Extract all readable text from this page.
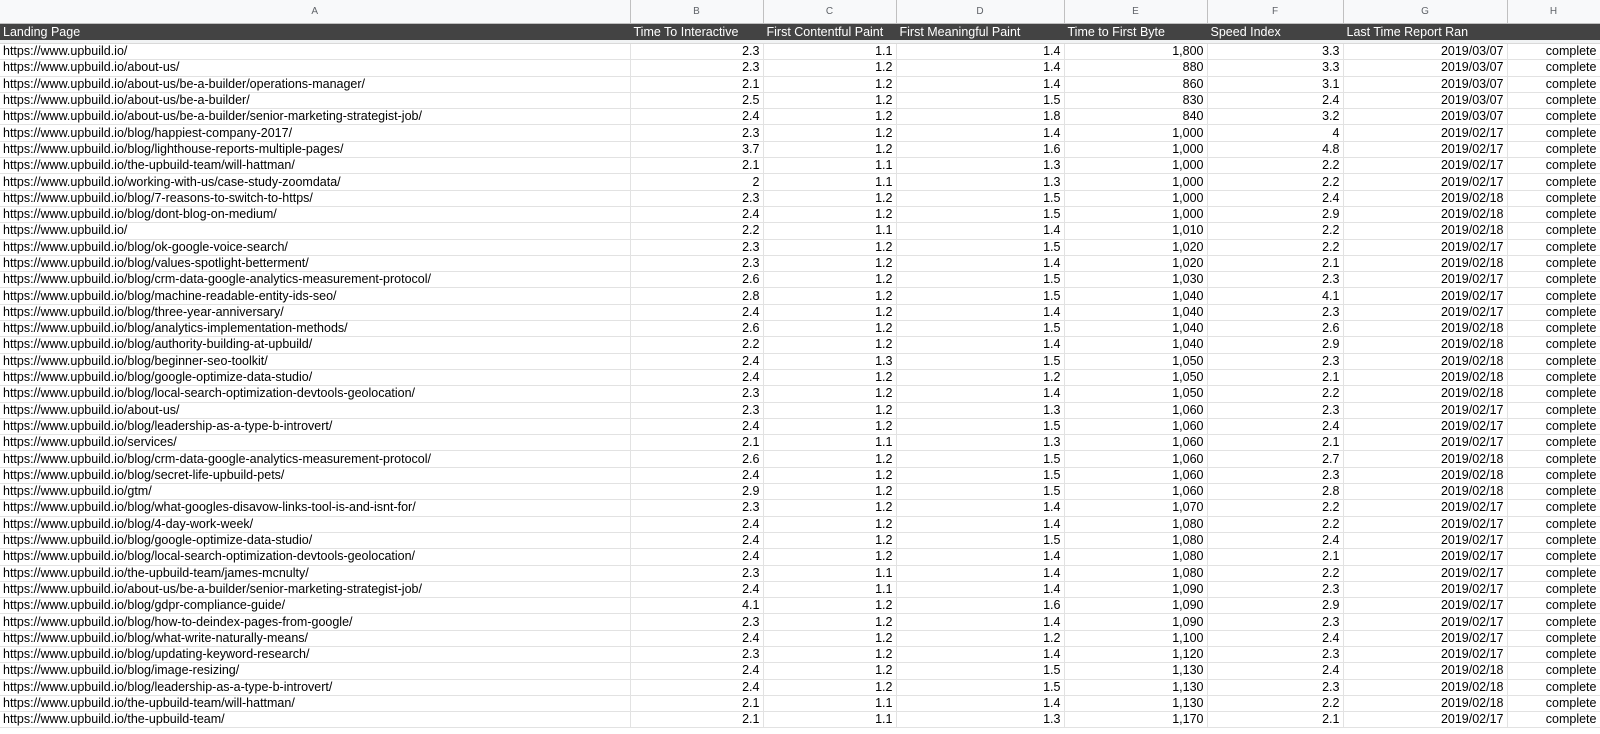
A	B	C	D	E	F	G	H
Landing Page	Time To Interactive	First Contentful Paint	First Meaningful Paint	Time to First Byte	Speed Index	Last Time Report Ran	

https://www.upbuild.io/	2.3	1.1	1.4	1,800	3.3	2019/03/07	complete
https://www.upbuild.io/about-us/	2.3	1.2	1.4	880	3.3	2019/03/07	complete
https://www.upbuild.io/about-us/be-a-builder/operations-manager/	2.1	1.2	1.4	860	3.1	2019/03/07	complete
https://www.upbuild.io/about-us/be-a-builder/	2.5	1.2	1.5	830	2.4	2019/03/07	complete
https://www.upbuild.io/about-us/be-a-builder/senior-marketing-strategist-job/	2.4	1.2	1.8	840	3.2	2019/03/07	complete
https://www.upbuild.io/blog/happiest-company-2017/	2.3	1.2	1.4	1,000	4	2019/02/17	complete
https://www.upbuild.io/blog/lighthouse-reports-multiple-pages/	3.7	1.2	1.6	1,000	4.8	2019/02/17	complete
https://www.upbuild.io/the-upbuild-team/will-hattman/	2.1	1.1	1.3	1,000	2.2	2019/02/17	complete
https://www.upbuild.io/working-with-us/case-study-zoomdata/	2	1.1	1.3	1,000	2.2	2019/02/17	complete
https://www.upbuild.io/blog/7-reasons-to-switch-to-https/	2.3	1.2	1.5	1,000	2.4	2019/02/18	complete
https://www.upbuild.io/blog/dont-blog-on-medium/	2.4	1.2	1.5	1,000	2.9	2019/02/18	complete
https://www.upbuild.io/	2.2	1.1	1.4	1,010	2.2	2019/02/18	complete
https://www.upbuild.io/blog/ok-google-voice-search/	2.3	1.2	1.5	1,020	2.2	2019/02/17	complete
https://www.upbuild.io/blog/values-spotlight-betterment/	2.3	1.2	1.4	1,020	2.1	2019/02/18	complete
https://www.upbuild.io/blog/crm-data-google-analytics-measurement-protocol/	2.6	1.2	1.5	1,030	2.3	2019/02/17	complete
https://www.upbuild.io/blog/machine-readable-entity-ids-seo/	2.8	1.2	1.5	1,040	4.1	2019/02/17	complete
https://www.upbuild.io/blog/three-year-anniversary/	2.4	1.2	1.4	1,040	2.3	2019/02/17	complete
https://www.upbuild.io/blog/analytics-implementation-methods/	2.6	1.2	1.5	1,040	2.6	2019/02/18	complete
https://www.upbuild.io/blog/authority-building-at-upbuild/	2.2	1.2	1.4	1,040	2.9	2019/02/18	complete
https://www.upbuild.io/blog/beginner-seo-toolkit/	2.4	1.3	1.5	1,050	2.3	2019/02/18	complete
https://www.upbuild.io/blog/google-optimize-data-studio/	2.4	1.2	1.2	1,050	2.1	2019/02/18	complete
https://www.upbuild.io/blog/local-search-optimization-devtools-geolocation/	2.3	1.2	1.4	1,050	2.2	2019/02/18	complete
https://www.upbuild.io/about-us/	2.3	1.2	1.3	1,060	2.3	2019/02/17	complete
https://www.upbuild.io/blog/leadership-as-a-type-b-introvert/	2.4	1.2	1.5	1,060	2.4	2019/02/17	complete
https://www.upbuild.io/services/	2.1	1.1	1.3	1,060	2.1	2019/02/17	complete
https://www.upbuild.io/blog/crm-data-google-analytics-measurement-protocol/	2.6	1.2	1.5	1,060	2.7	2019/02/18	complete
https://www.upbuild.io/blog/secret-life-upbuild-pets/	2.4	1.2	1.5	1,060	2.3	2019/02/18	complete
https://www.upbuild.io/gtm/	2.9	1.2	1.5	1,060	2.8	2019/02/18	complete
https://www.upbuild.io/blog/what-googles-disavow-links-tool-is-and-isnt-for/	2.3	1.2	1.4	1,070	2.2	2019/02/17	complete
https://www.upbuild.io/blog/4-day-work-week/	2.4	1.2	1.4	1,080	2.2	2019/02/17	complete
https://www.upbuild.io/blog/google-optimize-data-studio/	2.4	1.2	1.5	1,080	2.4	2019/02/17	complete
https://www.upbuild.io/blog/local-search-optimization-devtools-geolocation/	2.4	1.2	1.4	1,080	2.1	2019/02/17	complete
https://www.upbuild.io/the-upbuild-team/james-mcnulty/	2.3	1.1	1.4	1,080	2.2	2019/02/17	complete
https://www.upbuild.io/about-us/be-a-builder/senior-marketing-strategist-job/	2.4	1.1	1.4	1,090	2.3	2019/02/17	complete
https://www.upbuild.io/blog/gdpr-compliance-guide/	4.1	1.2	1.6	1,090	2.9	2019/02/17	complete
https://www.upbuild.io/blog/how-to-deindex-pages-from-google/	2.3	1.2	1.4	1,090	2.3	2019/02/17	complete
https://www.upbuild.io/blog/what-write-naturally-means/	2.4	1.2	1.2	1,100	2.4	2019/02/17	complete
https://www.upbuild.io/blog/updating-keyword-research/	2.3	1.2	1.4	1,120	2.3	2019/02/17	complete
https://www.upbuild.io/blog/image-resizing/	2.4	1.2	1.5	1,130	2.4	2019/02/18	complete
https://www.upbuild.io/blog/leadership-as-a-type-b-introvert/	2.4	1.2	1.5	1,130	2.3	2019/02/18	complete
https://www.upbuild.io/the-upbuild-team/will-hattman/	2.1	1.1	1.4	1,130	2.2	2019/02/18	complete
https://www.upbuild.io/the-upbuild-team/	2.1	1.1	1.3	1,170	2.1	2019/02/17	complete
